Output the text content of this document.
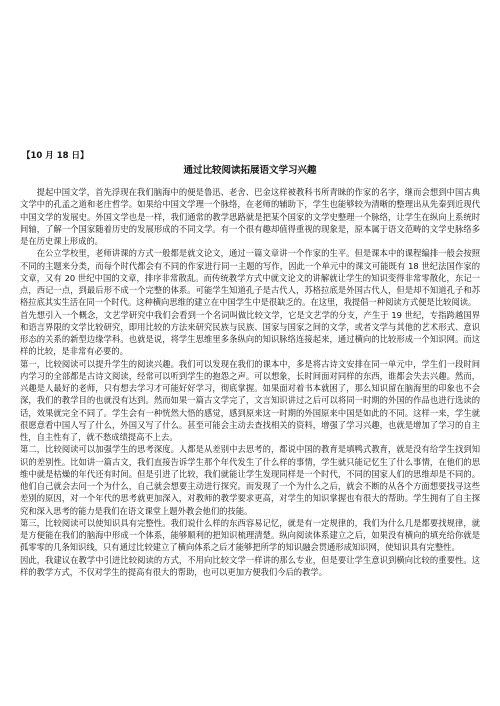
【10 月 18 日】
通过比较阅读拓展语文学习兴趣

提起中国文学，首先浮现在我们脑海中的便是鲁迅、老舍、巴金这样被教科书所青睐的作家的名字，继而会想到中国古典文学中的孔孟之道和老庄哲学。如果给中国文学理一个脉络，在老师的辅助下，学生也能够较为清晰的整理出从先秦到近现代中国文学的发展史。外国文学也是一样，我们通常的教学思路就是把某个国家的文学史整理一个脉络，让学生在纵向上系统时间轴，了解一个国家随着历史的发展形成的不同文学。有一个很有趣却值得重视的现象是，原本属于语文范畴的文学史脉络多是在历史课上形成的。

在公立学校里，老师讲课的方式一般都是就文论文，通过一篇文章讲一个作家的生平。但是课本中的课程编排一般会按照不同的主题来分类，而每个时代都会有不同的作家进行同一主题的写作，因此一个单元中的课文可能既有 18 世纪法国作家的文章，又有 20 世纪中国的文章，排序非常散乱。而传统教学方式中就文论文的讲解就让学生的知识变得非常零散化，东记一点，西记一点，到最后形不成一个完整的体系。可能学生知道孔子是古代人，苏格拉底是外国古代人，但是却不知道孔子和苏格拉底其实生活在同一个时代。这种横向思维的建立在中国学生中是很缺乏的。在这里，我提倡一种阅读方式便是比较阅读。

首先想引入一个概念，文艺学研究中我们会看到一个名词叫做比较文学，它是文艺学的分支，产生于 19 世纪，专指跨越国界和语言界限的文学比较研究，即用比较的方法来研究民族与民族、国家与国家之间的文学，或者文学与其他的艺术形式、意识形态的关系的新型边缘学科。也就是说，将学生思维里多条纵向的知识脉络连接起来，通过横向的比较形成一个知识网。而这样的比较，是非常有必要的。

第一，比较阅读可以提升学生的阅读兴趣。我们可以发现在我们的课本中，多是将古诗文安排在同一单元中，学生们一段时间内学习的全部都是古诗文阅读，经常可以听到学生的抱怨之声。可以想象，长时间面对同样的东西，谁都会失去兴趣。然而，兴趣是人最好的老师，只有想去学习才可能好好学习，彻底掌握。如果面对着书本就困了，那么知识留在脑海里的印象也不会深，我们的教学目的也就没有达到。然而如果一篇古文学完了，文言知识讲过之后可以将同一时期的外国的作品也进行选读的话，效果就完全不同了。学生会有一种恍然大悟的感觉，感到原来这一时期的外国原来中国是如此的不同。这样一来，学生就很愿意看中国人写了什么，外国又写了什么。甚至可能会主动去查找相关的资料，增强了学习兴趣，也就是增加了学习的自主性，自主性有了，就不愁成绩提高不上去。

第二，比较阅读可以加强学生的思考深度。人都是从差别中去思考的，都说中国的教育是填鸭式教育，就是没有给学生找到知识的差别性。比如讲一篇古文，我们直接告诉学生那个年代发生了什么样的事情，学生就只能记忆生了什么事情，在他们的思维中就是枯燥的年代还有时间。但是引进了比较，我们就能让学生发现同样是一个时代，不同的国家人们的思维却是不同的。他们自己就会去问一个为什么，自己就会想要主动进行探究。而发现了一个为什么之后，就会不断的从各个方面想要找寻这些差别的原因，对一个年代的思考就更加深入，对教师的教学要求更高，对学生的知识掌握也有很大的帮助。学生拥有了自主探究和深入思考的能力是我们在语文课堂上题外教会他们的技能。

第三，比较阅读可以使知识具有完整性。我们说什么样的东西容易记忆，就是有一定规律的，我们为什么几是都要找规律，就是方便能在我们的脑海中形成一个体系，能够顺利的把知识梳理清楚。纵向阅读体系建立之后，如果没有横向的填充给你就是孤零零的几条知识线，只有通过比较建立了横向体系之后才能够把所学的知识融会贯通形成知识网，使知识具有完整性。

因此，我建议在教学中引进比较阅读的方式，不用向比较文学一样讲的那么专业，但是要让学生意识到横向比较的重要性。这样的教学方式，不仅对学生的提高有很大的帮助，也可以更加方便我们今后的教学。
